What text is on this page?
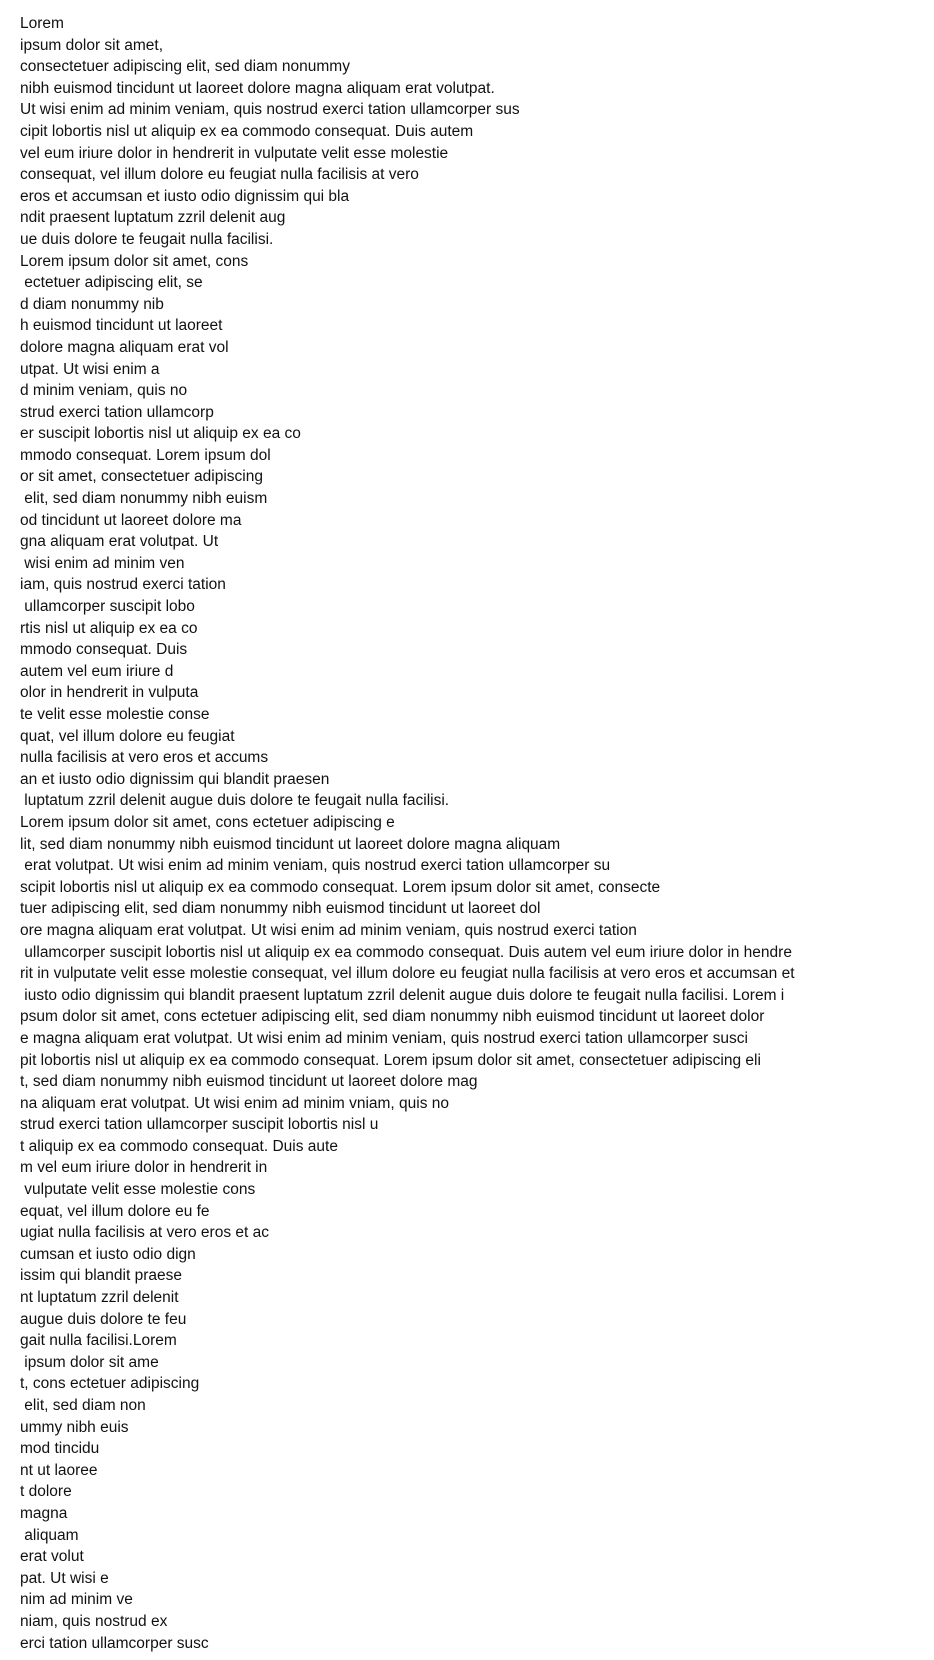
Lorem
ipsum dolor sit amet,
consectetuer adipiscing elit, sed diam nonummy
nibh euismod tincidunt ut laoreet dolore magna aliquam erat volutpat.
Ut wisi enim ad minim veniam, quis nostrud exerci tation ullamcorper sus
cipit lobortis nisl ut aliquip ex ea commodo consequat. Duis autem
vel eum iriure dolor in hendrerit in vulputate velit esse molestie
consequat, vel illum dolore eu feugiat nulla facilisis at vero
eros et accumsan et iusto odio dignissim qui bla
ndit praesent luptatum zzril delenit aug
ue duis dolore te feugait nulla facilisi.
Lorem ipsum dolor sit amet, cons
ectetuer adipiscing elit, se
d diam nonummy nib
h euismod tincidunt ut laoreet
dolore magna aliquam erat vol
utpat. Ut wisi enim a
d minim veniam, quis no
strud exerci tation ullamcorp
er suscipit lobortis nisl ut aliquip ex ea co
mmodo consequat. Lorem ipsum dol
or sit amet, consectetuer adipiscing
elit, sed diam nonummy nibh euism
od tincidunt ut laoreet dolore ma
gna aliquam erat volutpat. Ut
wisi enim ad minim ven
iam, quis nostrud exerci tation
ullamcorper suscipit lobo
rtis nisl ut aliquip ex ea co
mmodo consequat. Duis
autem vel eum iriure d
olor in hendrerit in vulputa
te velit esse molestie conse
quat, vel illum dolore eu feugiat
nulla facilisis at vero eros et accums
an et iusto odio dignissim qui blandit praesen
luptatum zzril delenit augue duis dolore te feugait nulla facilisi.
Lorem ipsum dolor sit amet, cons ectetuer adipiscing e
lit, sed diam nonummy nibh euismod tincidunt ut laoreet dolore magna aliquam
erat volutpat. Ut wisi enim ad minim veniam, quis nostrud exerci tation ullamcorper su
scipit lobortis nisl ut aliquip ex ea commodo consequat. Lorem ipsum dolor sit amet, consecte
tuer adipiscing elit, sed diam nonummy nibh euismod tincidunt ut laoreet dol
ore magna aliquam erat volutpat. Ut wisi enim ad minim veniam, quis nostrud exerci tation
ullamcorper suscipit lobortis nisl ut aliquip ex ea commodo consequat. Duis autem vel eum iriure dolor in hendre
rit in vulputate velit esse molestie consequat, vel illum dolore eu feugiat nulla facilisis at vero eros et accumsan et
iusto odio dignissim qui blandit praesent luptatum zzril delenit augue duis dolore te feugait nulla facilisi. Lorem i
psum dolor sit amet, cons ectetuer adipiscing elit, sed diam nonummy nibh euismod tincidunt ut laoreet dolor
e magna aliquam erat volutpat. Ut wisi enim ad minim veniam, quis nostrud exerci tation ullamcorper susci
pit lobortis nisl ut aliquip ex ea commodo consequat. Lorem ipsum dolor sit amet, consectetuer adipiscing eli
t, sed diam nonummy nibh euismod tincidunt ut laoreet dolore mag
na aliquam erat volutpat. Ut wisi enim ad minim vniam, quis no
strud exerci tation ullamcorper suscipit lobortis nisl u
t aliquip ex ea commodo consequat. Duis aute
m vel eum iriure dolor in hendrerit in
vulputate velit esse molestie cons
equat, vel illum dolore eu fe
ugiat nulla facilisis at vero eros et ac
cumsan et iusto odio dign
issim qui blandit praese
nt luptatum zzril delenit
augue duis dolore te feu
gait nulla facilisi.Lorem
ipsum dolor sit ame
t, cons ectetuer adipiscing
elit, sed diam non
ummy nibh euis
mod tincidu
nt ut laoree
t dolore
magna
aliquam
erat volut
pat. Ut wisi e
nim ad minim ve
niam, quis nostrud ex
erci tation ullamcorper susc
